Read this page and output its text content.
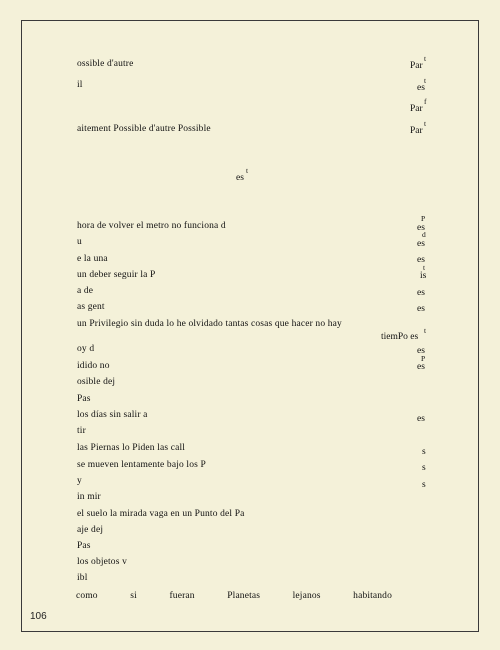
ossible d'autre	Par
t
il	es
t
Par
f
aitement Possible d'autre Possible	Par
t
es
t
hora de volver el metro no funciona d
P
es
u
d
es
e la una	es
un deber seguir la P
t
is
a de	es
as gent	es
un Privilegio sin duda lo he olvidado tantas cosas que hacer no hay
t
tiemPo es
oy d	es
idido no
P
es
osible dej
Pas
los días sin salir a	es
tir
las Piernas lo Piden las call	s
se mueven lentamente bajo los P	s
y	s
in mir
el suelo la mirada vaga en un Punto del Pa
aje dej
Pas
los objetos v
ibl
como	si	fueran	Planetas	lejanos	habitando
106
